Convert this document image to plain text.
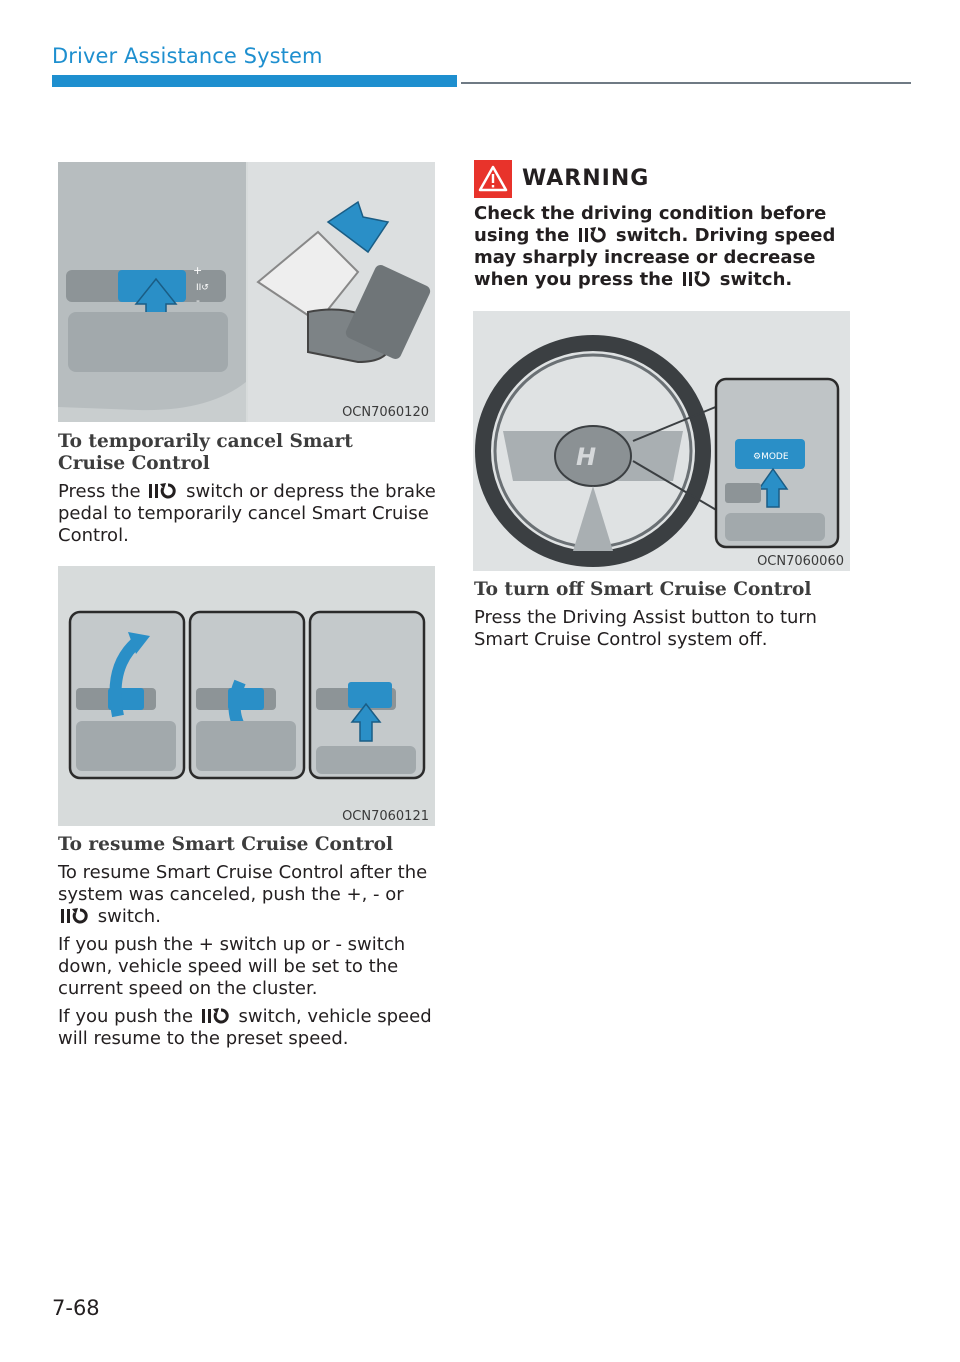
Driver Assistance System
+
II↺
-
OCN7060120
To temporarily cancel Smart Cruise Control

Press the	switch or depress the brake pedal to temporarily cancel Smart Cruise Control.

OCN7060121
To resume Smart Cruise Control

To resume Smart Cruise Control after the system was canceled, push the +, - or  switch.

If you push the + switch up or - switch down, vehicle speed will be set to the current speed on the cluster.

If you push the	switch, vehicle speed will resume to the preset speed.

WARNING

Check the driving condition before using the	switch. Driving speed may sharply increase or decrease when you press the	switch.

H	⚙MODE
OCN7060060
To turn off Smart Cruise Control

Press the Driving Assist button to turn Smart Cruise Control system off.

7-68
